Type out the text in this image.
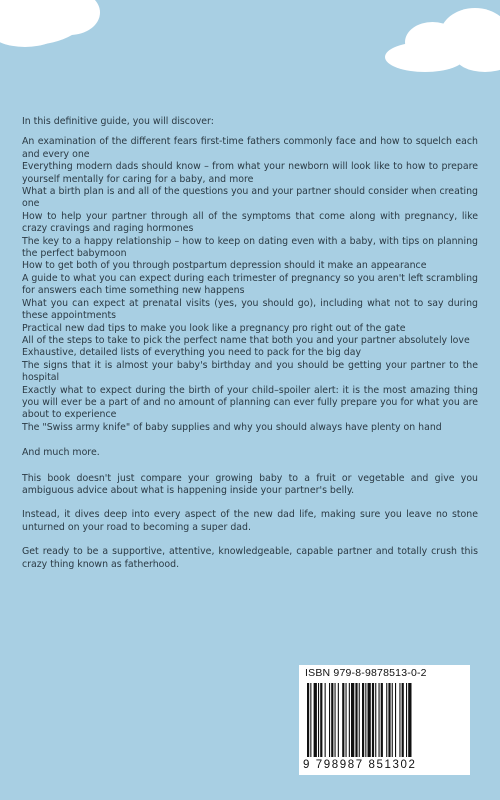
In this definitive guide, you will discover:

An examination of the different fears first-time fathers commonly face and how to squelch each and every one
Everything modern dads should know – from what your newborn will look like to how to prepare yourself mentally for caring for a baby, and more
What a birth plan is and all of the questions you and your partner should consider when creating one
How to help your partner through all of the symptoms that come along with pregnancy, like crazy cravings and raging hormones
The key to a happy relationship – how to keep on dating even with a baby, with tips on planning the perfect babymoon
How to get both of you through postpartum depression should it make an appearance
A guide to what you can expect during each trimester of pregnancy so you aren't left scrambling for answers each time something new happens
What you can expect at prenatal visits (yes, you should go), including what not to say during these appointments
Practical new dad tips to make you look like a pregnancy pro right out of the gate
All of the steps to take to pick the perfect name that both you and your partner absolutely love
Exhaustive, detailed lists of everything you need to pack for the big day
The signs that it is almost your baby's birthday and you should be getting your partner to the hospital
Exactly what to expect during the birth of your child–spoiler alert: it is the most amazing thing you will ever be a part of and no amount of planning can ever fully prepare you for what you are about to experience
The "Swiss army knife" of baby supplies and why you should always have plenty on hand

And much more.

This book doesn't just compare your growing baby to a fruit or vegetable and give you ambiguous advice about what is happening inside your partner's belly.

Instead, it dives deep into every aspect of the new dad life, making sure you leave no stone unturned on your road to becoming a super dad.

Get ready to be a supportive, attentive, knowledgeable, capable partner and totally crush this crazy thing known as fatherhood.

ISBN 979-8-9878513-0-2
9 798987 851302
